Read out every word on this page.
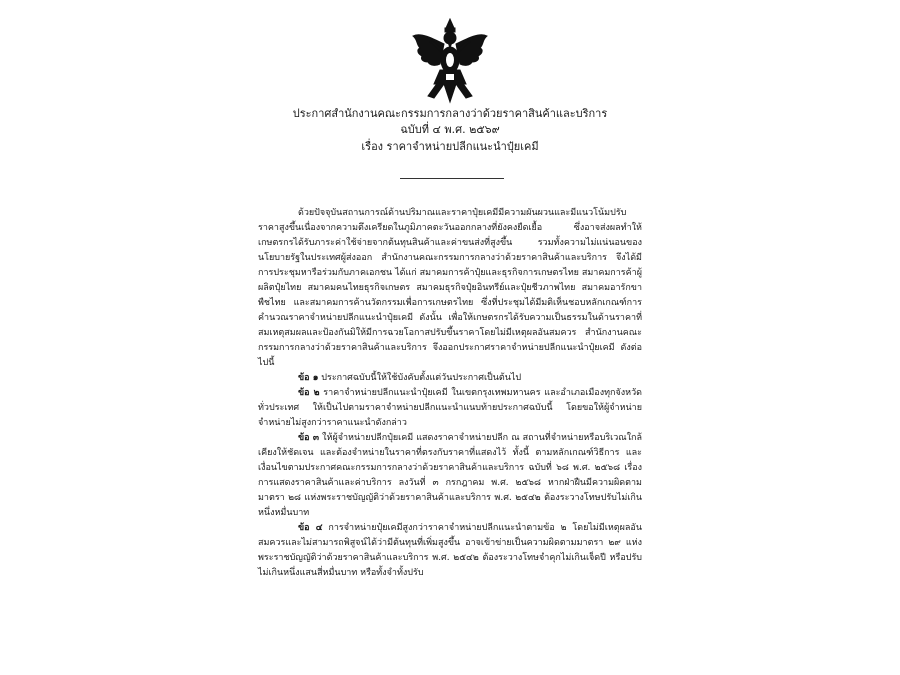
ประกาศสำนักงานคณะกรรมการกลางว่าด้วยราคาสินค้าและบริการ
ฉบับที่ ๔ พ.ศ. ๒๕๖๙
เรื่อง ราคาจำหน่ายปลีกแนะนำปุ๋ยเคมี

ด้วยปัจจุบันสถานการณ์ด้านปริมาณและราคาปุ๋ยเคมีมีความผันผวนและมีแนวโน้มปรับราคาสูงขึ้นเนื่องจากความตึงเครียดในภูมิภาคตะวันออกกลางที่ยังคงยืดเยื้อ ซึ่งอาจส่งผลทำให้เกษตรกรได้รับภาระค่าใช้จ่ายจากต้นทุนสินค้าและค่าขนส่งที่สูงขึ้น รวมทั้งความไม่แน่นอนของนโยบายรัฐในประเทศผู้ส่งออก สำนักงานคณะกรรมการกลางว่าด้วยราคาสินค้าและบริการ จึงได้มีการประชุมหารือร่วมกับภาคเอกชน ได้แก่ สมาคมการค้าปุ๋ยและธุรกิจการเกษตรไทย สมาคมการค้าผู้ผลิตปุ๋ยไทย สมาคมคนไทยธุรกิจเกษตร สมาคมธุรกิจปุ๋ยอินทรีย์และปุ๋ยชีวภาพไทย สมาคมอารักขาพืชไทย และสมาคมการค้านวัตกรรมเพื่อการเกษตรไทย ซึ่งที่ประชุมได้มีมติเห็นชอบหลักเกณฑ์การคำนวณราคาจำหน่ายปลีกแนะนำปุ๋ยเคมี ดังนั้น เพื่อให้เกษตรกรได้รับความเป็นธรรมในด้านราคาที่สมเหตุสมผลและป้องกันมิให้มีการฉวยโอกาสปรับขึ้นราคาโดยไม่มีเหตุผลอันสมควร สำนักงานคณะกรรมการกลางว่าด้วยราคาสินค้าและบริการ จึงออกประกาศราคาจำหน่ายปลีกแนะนำปุ๋ยเคมี ดังต่อไปนี้

ข้อ ๑ ประกาศฉบับนี้ให้ใช้บังคับตั้งแต่วันประกาศเป็นต้นไป

ข้อ ๒ ราคาจำหน่ายปลีกแนะนำปุ๋ยเคมี ในเขตกรุงเทพมหานคร และอำเภอเมืองทุกจังหวัดทั่วประเทศ ให้เป็นไปตามราคาจำหน่ายปลีกแนะนำแนบท้ายประกาศฉบับนี้ โดยขอให้ผู้จำหน่ายจำหน่ายไม่สูงกว่าราคาแนะนำดังกล่าว

ข้อ ๓ ให้ผู้จำหน่ายปลีกปุ๋ยเคมี แสดงราคาจำหน่ายปลีก ณ สถานที่จำหน่ายหรือบริเวณใกล้เคียงให้ชัดเจน และต้องจำหน่ายในราคาที่ตรงกับราคาที่แสดงไว้ ทั้งนี้ ตามหลักเกณฑ์วิธีการ และเงื่อนไขตามประกาศคณะกรรมการกลางว่าด้วยราคาสินค้าและบริการ ฉบับที่ ๖๘ พ.ศ. ๒๕๖๘ เรื่อง การแสดงราคาสินค้าและค่าบริการ ลงวันที่ ๓ กรกฎาคม พ.ศ. ๒๕๖๘ หากฝ่าฝืนมีความผิดตามมาตรา ๒๘ แห่งพระราชบัญญัติว่าด้วยราคาสินค้าและบริการ พ.ศ. ๒๕๔๒ ต้องระวางโทษปรับไม่เกินหนึ่งหมื่นบาท

ข้อ ๔ การจำหน่ายปุ๋ยเคมีสูงกว่าราคาจำหน่ายปลีกแนะนำตามข้อ ๒ โดยไม่มีเหตุผลอันสมควรและไม่สามารถพิสูจน์ได้ว่ามีต้นทุนที่เพิ่มสูงขึ้น อาจเข้าข่ายเป็นความผิดตามมาตรา ๒๙ แห่งพระราชบัญญัติว่าด้วยราคาสินค้าและบริการ พ.ศ. ๒๕๔๒ ต้องระวางโทษจำคุกไม่เกินเจ็ดปี หรือปรับไม่เกินหนึ่งแสนสี่หมื่นบาท หรือทั้งจำทั้งปรับ
